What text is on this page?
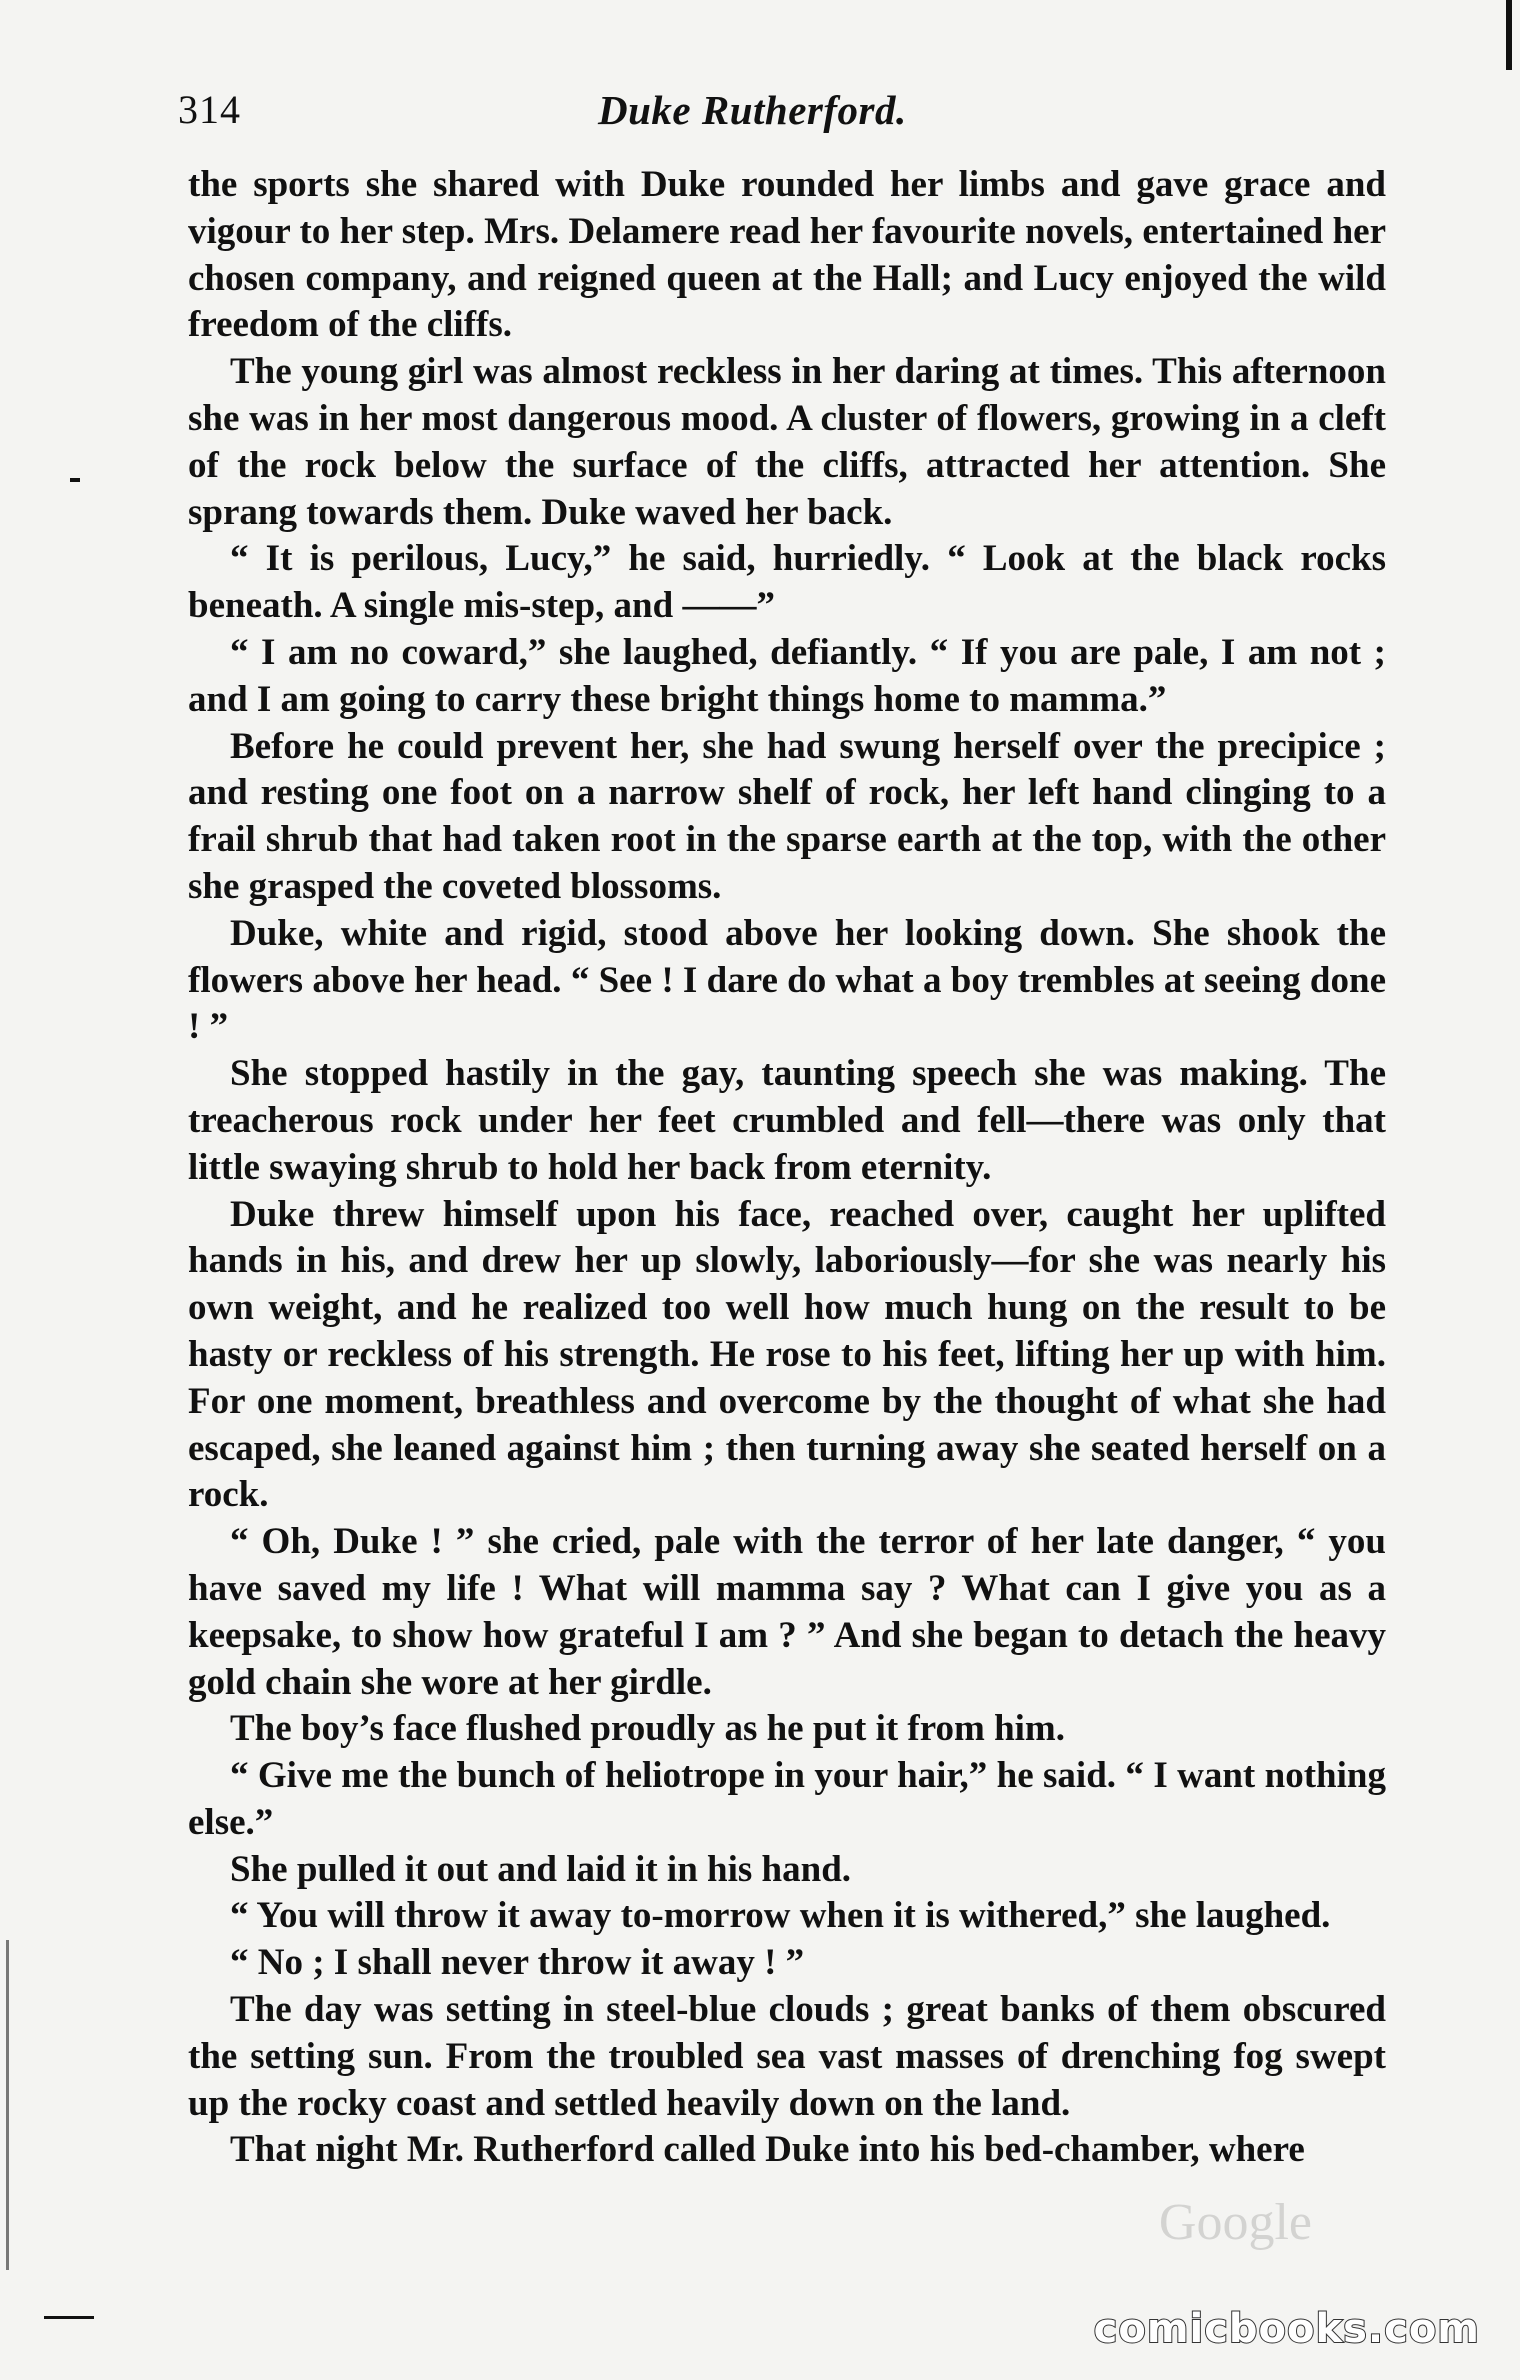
314	Duke Rutherford.

the sports she shared with Duke rounded her limbs and gave grace and vigour to her step. Mrs. Delamere read her favourite novels, entertained her chosen company, and reigned queen at the Hall; and Lucy enjoyed the wild freedom of the cliffs.

The young girl was almost reckless in her daring at times. This afternoon she was in her most dangerous mood. A cluster of flowers, growing in a cleft of the rock below the surface of the cliffs, attracted her attention. She sprang towards them. Duke waved her back.

“ It is perilous, Lucy,” he said, hurriedly. “ Look at the black rocks beneath. A single mis-step, and ——”

“ I am no coward,” she laughed, defiantly. “ If you are pale, I am not ; and I am going to carry these bright things home to mamma.”

Before he could prevent her, she had swung herself over the precipice ; and resting one foot on a narrow shelf of rock, her left hand clinging to a frail shrub that had taken root in the sparse earth at the top, with the other she grasped the coveted blossoms.

Duke, white and rigid, stood above her looking down. She shook the flowers above her head. “ See ! I dare do what a boy trembles at seeing done ! ”

She stopped hastily in the gay, taunting speech she was making. The treacherous rock under her feet crumbled and fell—there was only that little swaying shrub to hold her back from eternity.

Duke threw himself upon his face, reached over, caught her uplifted hands in his, and drew her up slowly, laboriously—for she was nearly his own weight, and he realized too well how much hung on the result to be hasty or reckless of his strength. He rose to his feet, lifting her up with him. For one moment, breathless and overcome by the thought of what she had escaped, she leaned against him ; then turning away she seated herself on a rock.

“ Oh, Duke ! ” she cried, pale with the terror of her late danger, “ you have saved my life ! What will mamma say ? What can I give you as a keepsake, to show how grateful I am ? ” And she began to detach the heavy gold chain she wore at her girdle.

The boy’s face flushed proudly as he put it from him.

“ Give me the bunch of heliotrope in your hair,” he said. “ I want nothing else.”

She pulled it out and laid it in his hand.

“ You will throw it away to-morrow when it is withered,” she laughed.

“ No ; I shall never throw it away ! ”

The day was setting in steel-blue clouds ; great banks of them obscured the setting sun. From the troubled sea vast masses of drenching fog swept up the rocky coast and settled heavily down on the land.

That night Mr. Rutherford called Duke into his bed-chamber, where

Google
comicbooks.com
